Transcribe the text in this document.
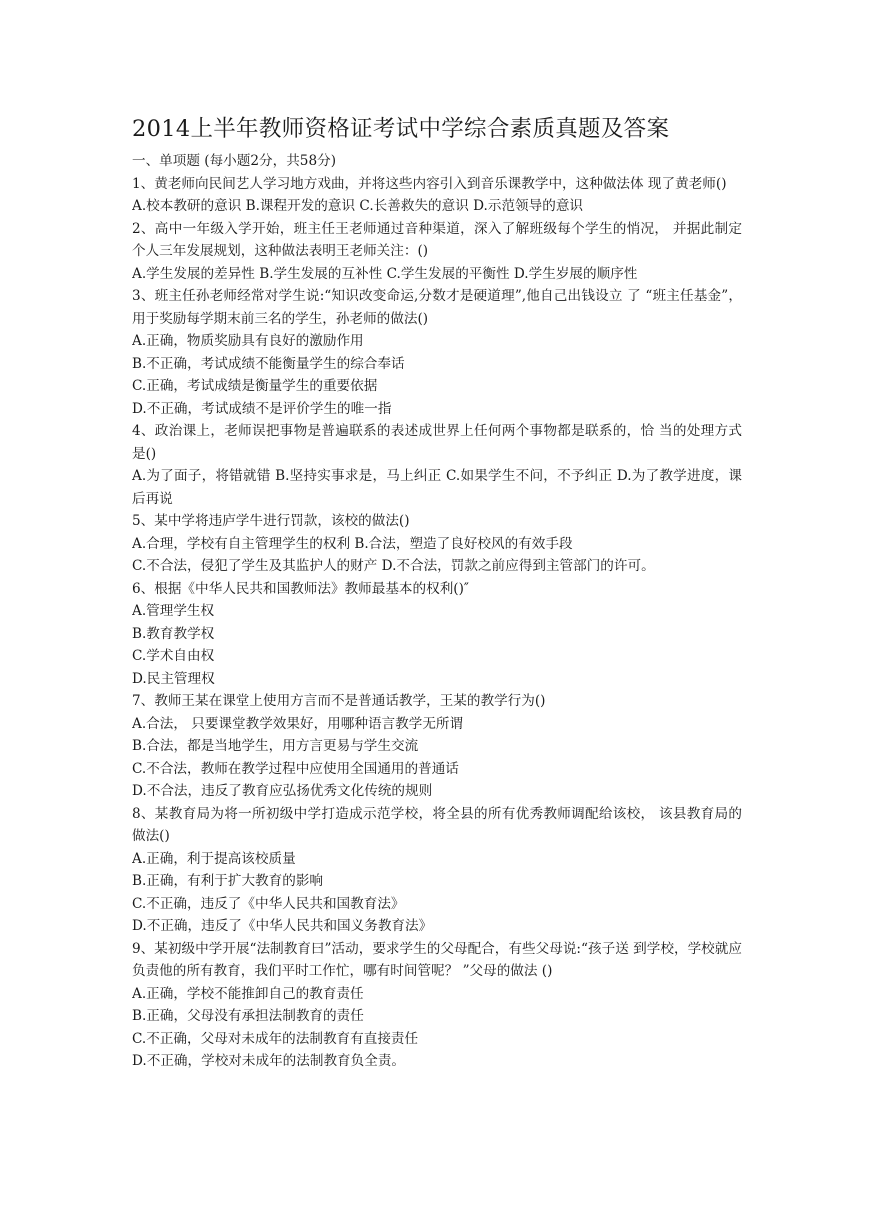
2014上半年教师资格证考试中学综合素质真题及答案

一、单项题 (每小题2分，共58分)

1、黄老师向民间艺人学习地方戏曲，并将这些内容引入到音乐课教学中，这种做法体 现了黄老师()

A.校本教研的意识 B.课程开发的意识 C.长善救失的意识 D.示范领导的意识

2、高中一年级入学开始，班主任王老师通过音种渠道，深入了解班级每个学生的悄况， 并据此制定个人三年发展规划，这种做法表明王老师关注：()

A.学生发展的差异性 B.学生发展的互补性 C.学生发展的平衡性 D.学生岁展的顺序性

3、班主任孙老师经常对学生说:“知识改变命运,分数才是硬道理”,他自己出钱设立 了 “班主任基金”，用于奖励每学期末前三名的学生，孙老师的做法()

A.正确，物质奖励具有良好的激励作用

B.不正确，考试成绩不能衡量学生的综合奉话

C.正确，考试成绩是衡量学生的重要依据

D.不正确，考试成绩不是评价学生的唯一指

4、政治课上，老师误把事物是普遍联系的表述成世界上任何两个事物都是联系的，恰 当的处理方式是()

A.为了面子，将错就错 B.坚持实事求是，马上纠正 C.如果学生不问，不予纠正 D.为了教学进度，课后再说

5、某中学将违庐学牛进行罚款，该校的做法()

A.合理，学校有自主管理学生的权利 B.合法，塑造了良好校风的有效手段

C.不合法，侵犯了学生及其监护人的财产 D.不合法，罚款之前应得到主管部门的许可。

6、根据《中华人民共和国教师法》教师最基本的权利()″

A.管理学生权

B.教育教学权

C.学术自由权

D.民主管理权

7、教师王某在课堂上使用方言而不是普通话教学，王某的教学行为()

A.合法， 只要课堂教学效果好，用哪种语言教学无所谓

B.合法，都是当地学生，用方言更易与学生交流

C.不合法，教师在教学过程中应使用全国通用的普通话

D.不合法，违反了教育应弘扬优秀文化传统的规则

8、某教育局为将一所初级中学打造成示范学校，将全县的所有优秀教师调配给该校， 该县教育局的做法()

A.正确，利于提高该校质量

B.正确，有利于扩大教育的影响

C.不正确，违反了《中华人民共和国教育法》

D.不正确，违反了《中华人民共和国义务教育法》

9、某初级中学开展“法制教育曰”活动，要求学生的父母配合，有些父母说:“孩子送 到学校，学校就应负责他的所有教育，我们平时工作忙，哪有时间管呢？ ”父母的做法 ()

A.正确，学校不能推卸自己的教育责任

B.正确，父母没有承担法制教育的责任

C.不正确，父母对未成年的法制教育有直接责任

D.不正确，学校对未成年的法制教育负全责。
